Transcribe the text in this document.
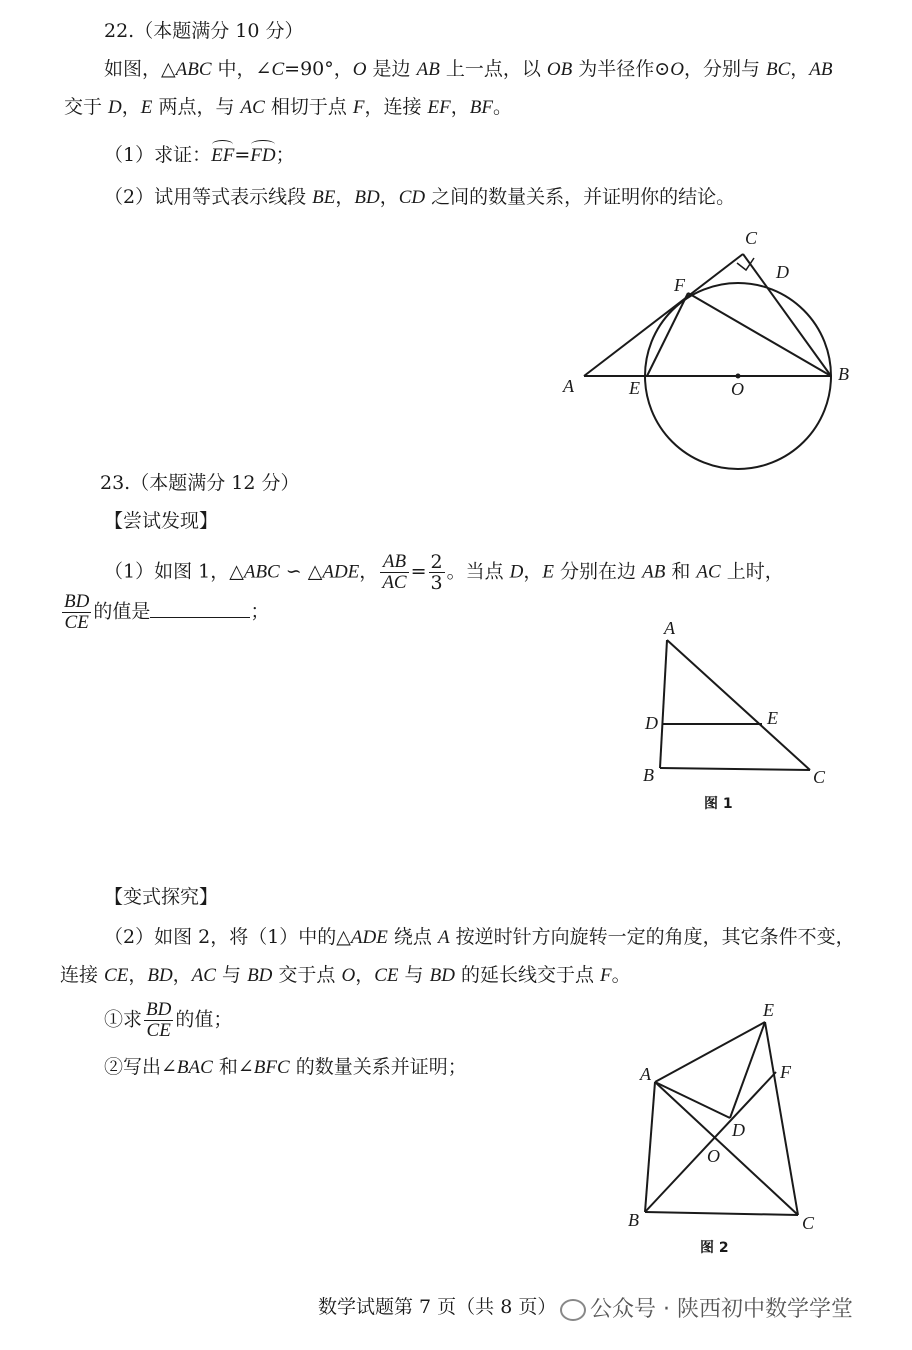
22.（本题满分 10 分）
如图，△ABC 中，∠C=90°，O 是边 AB 上一点，以 OB 为半径作⊙O，分别与 BC，AB
交于 D，E 两点，与 AC 相切于点 F，连接 EF，BF。
（1）求证：EF=FD；
（2）试用等式表示线段 BE，BD，CD 之间的数量关系，并证明你的结论。
C
D
F
A	E	O
B
A
D	E
B	C
图 1
E
A	F
D
O
B	C
图 2
23.（本题满分 12 分）
【尝试发现】
（1）如图 1，△ABC ∽ △ADE， $\frac{AB}{AC} = \frac{2}{3}$ 。当点 D，E 分别在边 AB 和 AC 上时，
$\frac{BD}{CE}$ 的值是	；
【变式探究】
（2）如图 2，将（1）中的△ADE 绕点 A 按逆时针方向旋转一定的角度，其它条件不变，
连接 CE，BD，AC 与 BD 交于点 O，CE 与 BD 的延长线交于点 F。
①求 $\frac{BD}{CE}$ 的值；
②写出∠BAC 和∠BFC 的数量关系并证明；
数学试题第 7 页（共 8 页）	公众号 · 陕西初中数学学堂
